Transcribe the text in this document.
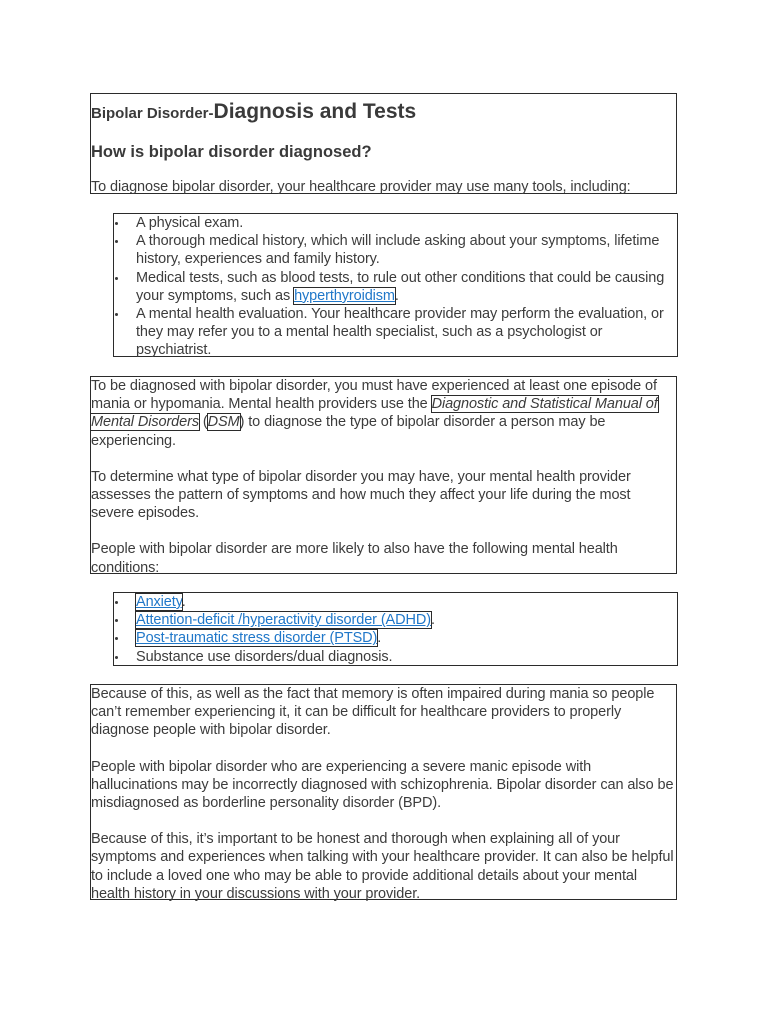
Bipolar Disorder-Diagnosis and Tests
How is bipolar disorder diagnosed?

To diagnose bipolar disorder, your healthcare provider may use many tools, including:

A physical exam.
A thorough medical history, which will include asking about your symptoms, lifetime history, experiences and family history.
Medical tests, such as blood tests, to rule out other conditions that could be causing your symptoms, such as hyperthyroidism.
A mental health evaluation. Your healthcare provider may perform the evaluation, or they may refer you to a mental health specialist, such as a psychologist or psychiatrist.

To be diagnosed with bipolar disorder, you must have experienced at least one episode of mania or hypomania. Mental health providers use the Diagnostic and Statistical Manual of Mental Disorders (DSM) to diagnose the type of bipolar disorder a person may be experiencing.

To determine what type of bipolar disorder you may have, your mental health provider assesses the pattern of symptoms and how much they affect your life during the most severe episodes.

People with bipolar disorder are more likely to also have the following mental health conditions:

Anxiety.
Attention-deficit /hyperactivity disorder (ADHD).
Post-traumatic stress disorder (PTSD).
Substance use disorders/dual diagnosis.

Because of this, as well as the fact that memory is often impaired during mania so people can’t remember experiencing it, it can be difficult for healthcare providers to properly diagnose people with bipolar disorder.

People with bipolar disorder who are experiencing a severe manic episode with hallucinations may be incorrectly diagnosed with schizophrenia. Bipolar disorder can also be misdiagnosed as borderline personality disorder (BPD).

Because of this, it’s important to be honest and thorough when explaining all of your symptoms and experiences when talking with your healthcare provider. It can also be helpful to include a loved one who may be able to provide additional details about your mental health history in your discussions with your provider.
